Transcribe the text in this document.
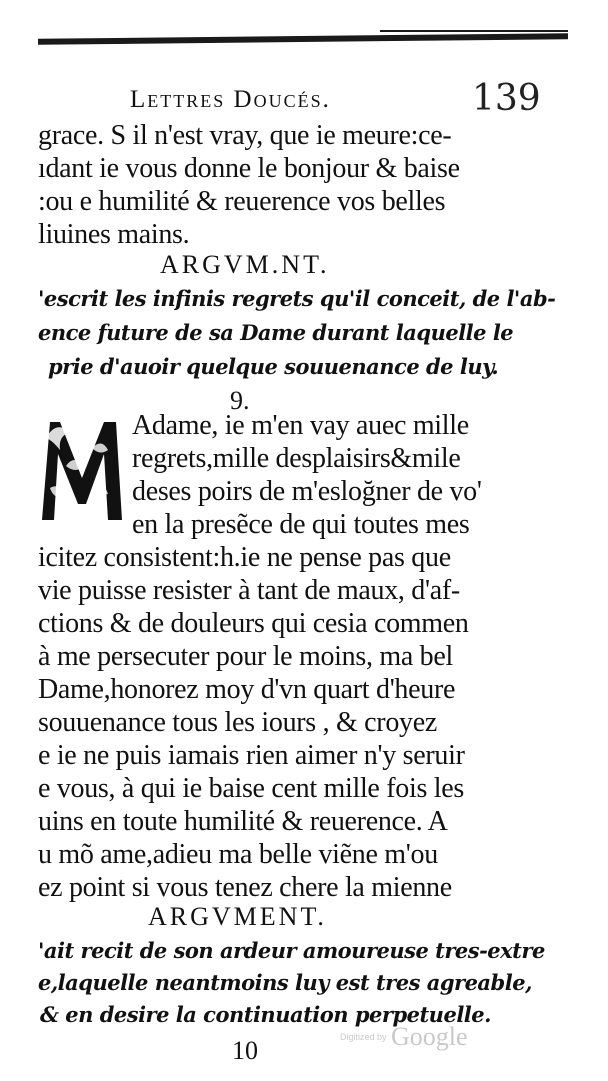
Lettres Doucés.	139
grace. S il n'est vray, que ie meure:ce-
ıdant ie vous donne le bonjour & baise
:ou e humilité & reuerence vos belles
liuines mains.
ARGVM.NT.
'escrit les infinis regrets qu'il conceit, de l'ab-
ence future de sa Dame durant laquelle le
prie d'auoir quelque souuenance de luy.
9.
Adame, ie m'en vay auec mille
regrets,mille desplaisirs&mile
deses poirs de m'esloğner de vo'
en la presẽce de qui toutes mes
icitez consistent:h.ie ne pense pas que
vie puisse resister à tant de maux, d'af-
ctions & de douleurs qui cesia commen
à me persecuter pour le moins, ma bel
Dame,honorez moy d'vn quart d'heure
souuenance tous les iours , & croyez
e ie ne puis iamais rien aimer n'y seruir
e vous, à qui ie baise cent mille fois les
uins en toute humilité & reuerence. A
u mõ ame,adieu ma belle viẽne m'ou
ez point si vous tenez chere la mienne
ARGVMENT.
'ait recit de son ardeur amoureuse tres-extre
e,laquelle neantmoins luy est tres agreable,
& en desire la continuation perpetuelle.
10	Digitized by Google
